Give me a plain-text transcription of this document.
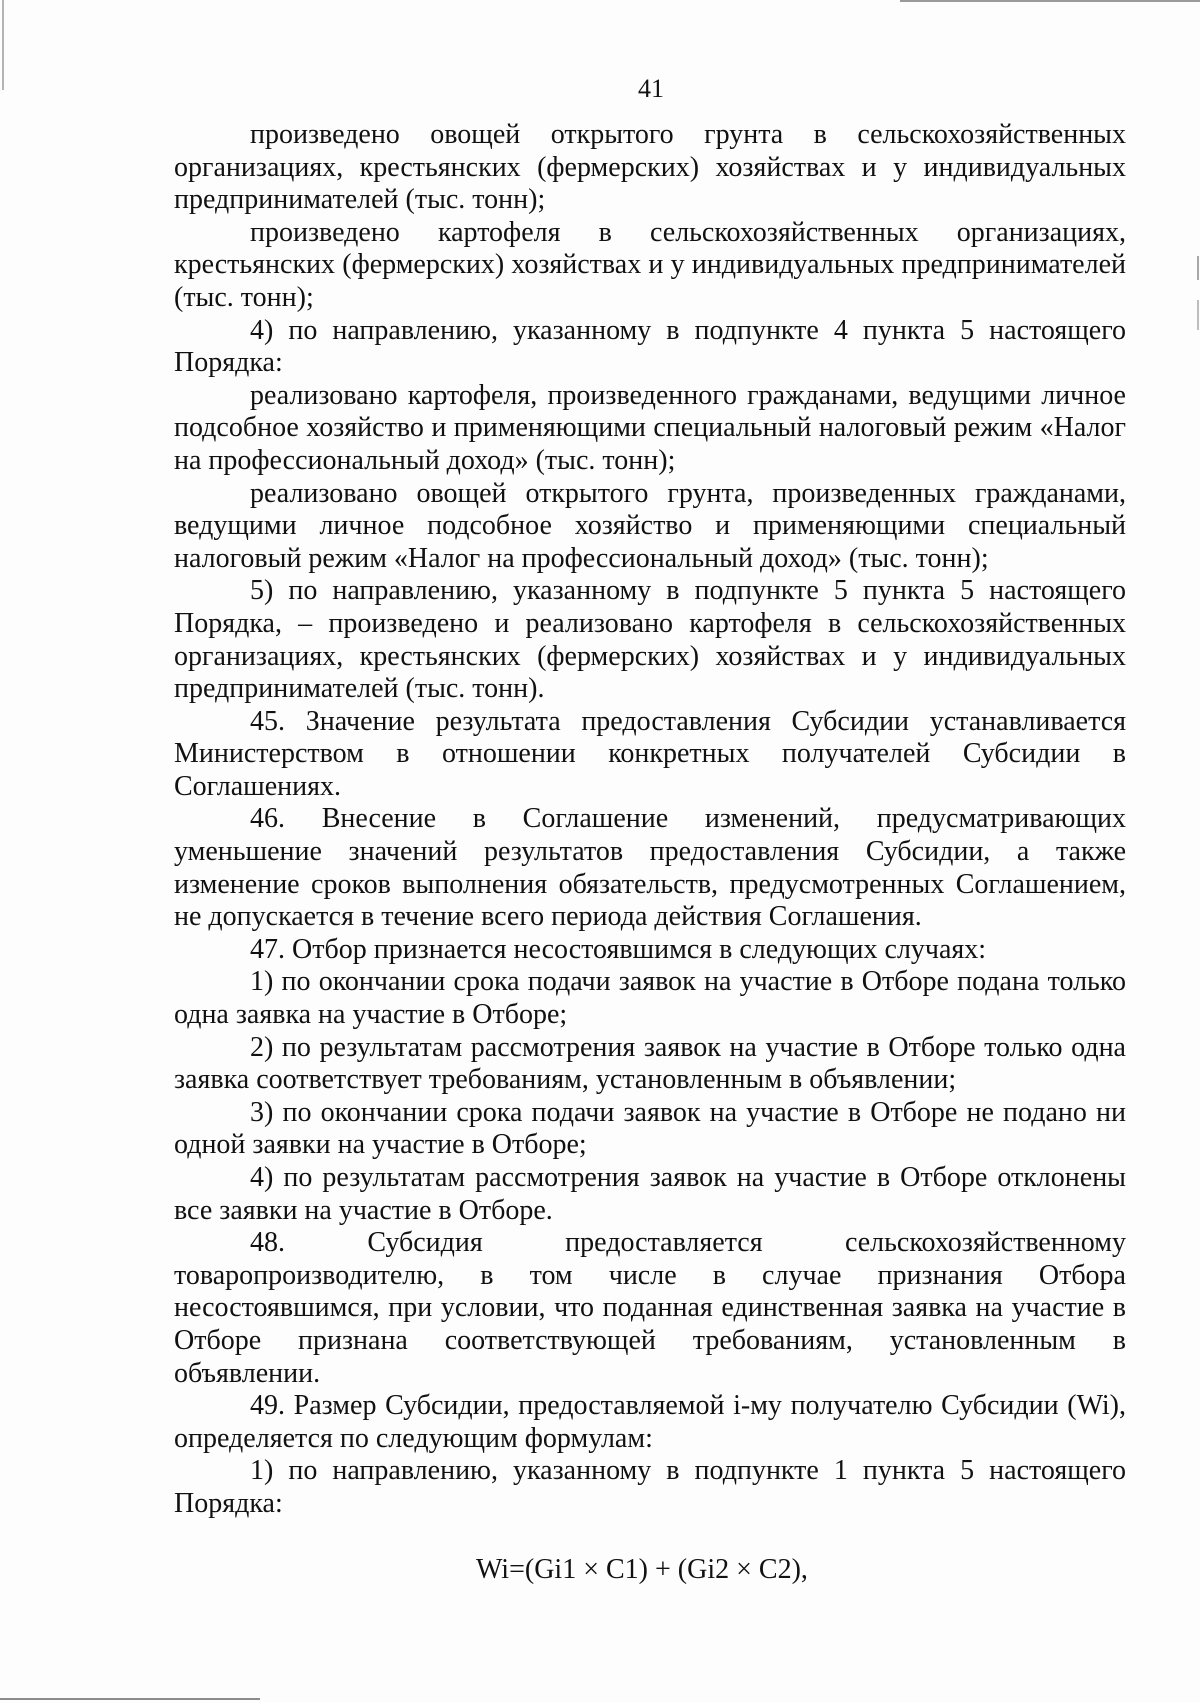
41

произведено овощей открытого грунта в сельскохозяйственных организациях, крестьянских (фермерских) хозяйствах и у индивидуальных предпринимателей (тыс. тонн);

произведено картофеля в сельскохозяйственных организациях, крестьянских (фермерских) хозяйствах и у индивидуальных предпринимателей (тыс. тонн);

4) по направлению, указанному в подпункте 4 пункта 5 настоящего Порядка:

реализовано картофеля, произведенного гражданами, ведущими личное подсобное хозяйство и применяющими специальный налоговый режим «Налог на профессиональный доход» (тыс. тонн);

реализовано овощей открытого грунта, произведенных гражданами, ведущими личное подсобное хозяйство и применяющими специальный налоговый режим «Налог на профессиональный доход» (тыс. тонн);

5) по направлению, указанному в подпункте 5 пункта 5 настоящего Порядка, – произведено и реализовано картофеля в сельскохозяйственных организациях, крестьянских (фермерских) хозяйствах и у индивидуальных предпринимателей (тыс. тонн).

45. Значение результата предоставления Субсидии устанавливается Министерством в отношении конкретных получателей Субсидии в Соглашениях.

46. Внесение в Соглашение изменений, предусматривающих уменьшение значений результатов предоставления Субсидии, а также изменение сроков выполнения обязательств, предусмотренных Соглашением, не допускается в течение всего периода действия Соглашения.

47. Отбор признается несостоявшимся в следующих случаях:

1) по окончании срока подачи заявок на участие в Отборе подана только одна заявка на участие в Отборе;

2) по результатам рассмотрения заявок на участие в Отборе только одна заявка соответствует требованиям, установленным в объявлении;

3) по окончании срока подачи заявок на участие в Отборе не подано ни одной заявки на участие в Отборе;

4) по результатам рассмотрения заявок на участие в Отборе отклонены все заявки на участие в Отборе.

48. Субсидия предоставляется сельскохозяйственному товаропроизводителю, в том числе в случае признания Отбора несостоявшимся, при условии, что поданная единственная заявка на участие в Отборе признана соответствующей требованиям, установленным в объявлении.

49. Размер Субсидии, предоставляемой i-му получателю Субсидии (Wi), определяется по следующим формулам:

1) по направлению, указанному в подпункте 1 пункта 5 настоящего Порядка:

Wi=(Gi1 × C1) + (Gi2 × C2),
